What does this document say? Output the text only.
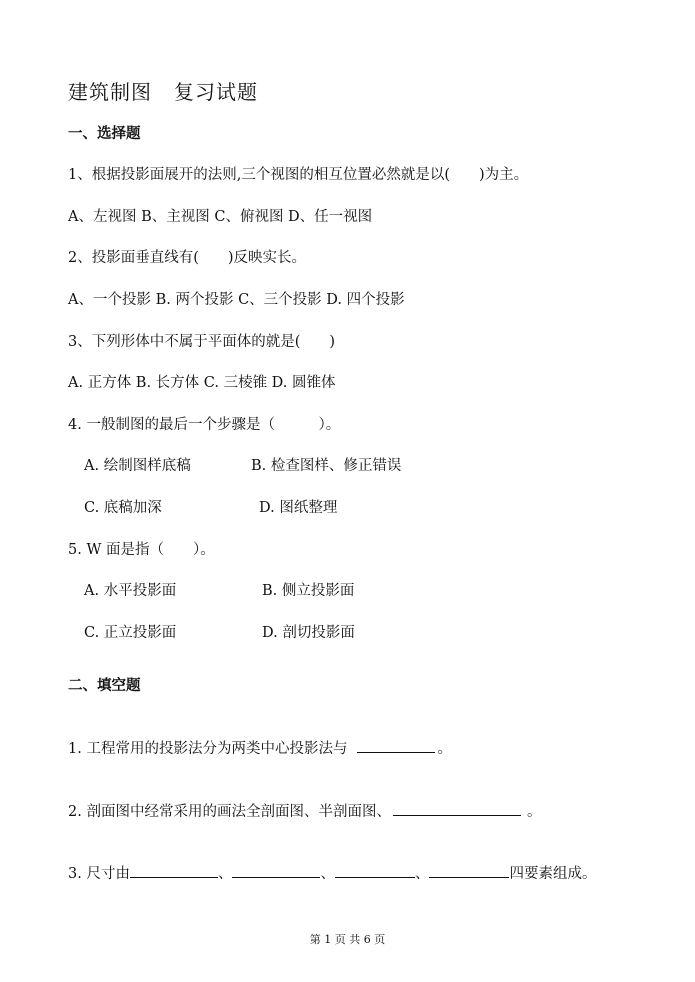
建筑制图 复习试题
一、选择题
1、根据投影面展开的法则,三个视图的相互位置必然就是以(　　)为主。
A、左视图 B、主视图 C、俯视图 D、任一视图
2、投影面垂直线有(　　)反映实长。
A、一个投影 B. 两个投影 C、三个投影 D. 四个投影
3、下列形体中不属于平面体的就是(　　)
A. 正方体 B. 长方体 C. 三棱锥 D. 圆锥体
4. 一般制图的最后一个步骤是（　　　）。
A. 绘制图样底稿	B. 检查图样、修正错误
C. 底稿加深	D. 图纸整理
5. W 面是指（　　）。
A. 水平投影面	B. 侧立投影面
C. 正立投影面	D. 剖切投影面
二、填空题
1. 工程常用的投影法分为两类中心投影法与	。
2. 剖面图中经常采用的画法全剖面图、半剖面图、	。
3. 尺寸由	、	、	、	四要素组成。
第 1 页 共 6 页
